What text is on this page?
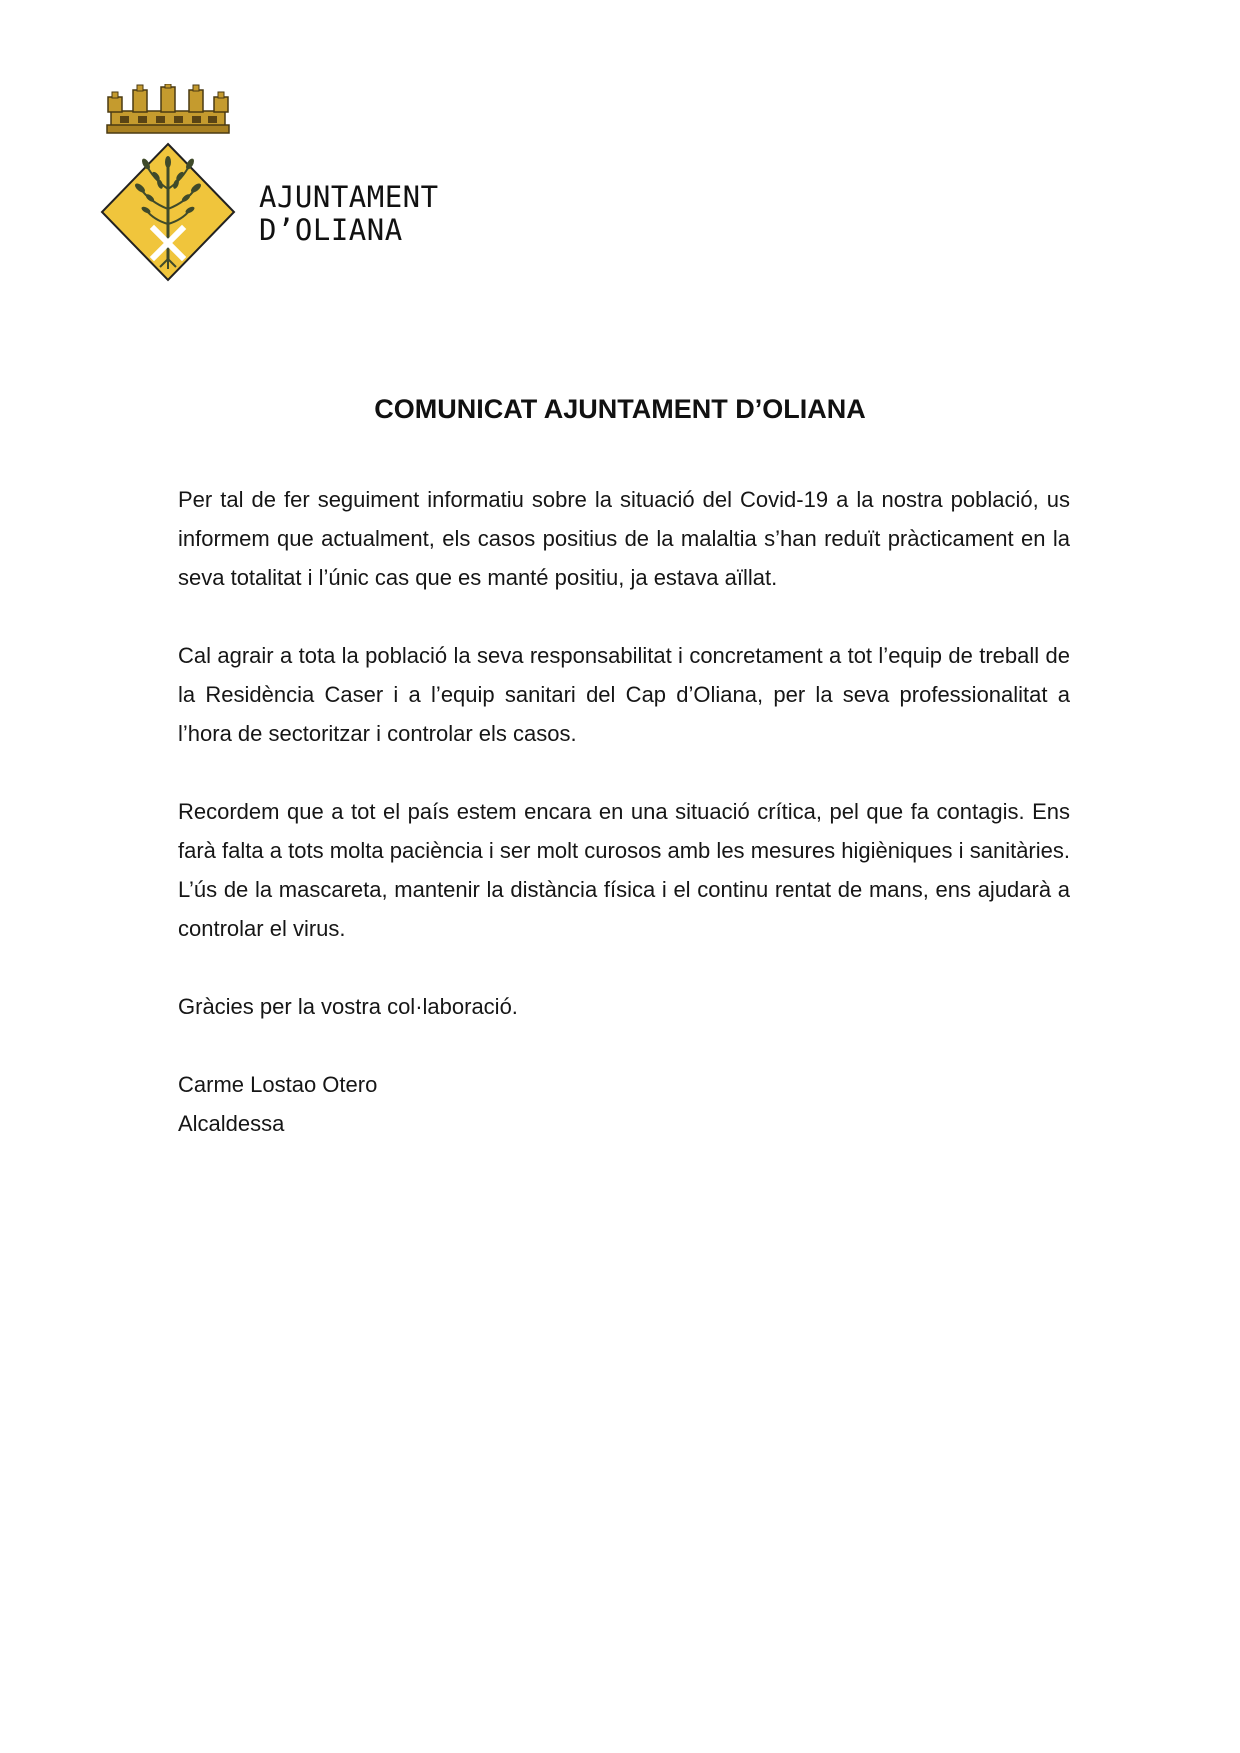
AJUNTAMENT
D’OLIANA
COMUNICAT AJUNTAMENT D’OLIANA

Per tal de fer seguiment informatiu sobre la situació del Covid-19 a la nostra població, us informem que actualment, els casos positius de la malaltia s’han reduït pràcticament en la seva totalitat i l’únic cas que es manté positiu, ja estava aïllat.

Cal agrair a tota la població la seva responsabilitat i concretament a tot l’equip de treball de la Residència Caser i a l’equip sanitari del Cap d’Oliana, per la seva professionalitat a l’hora de sectoritzar i controlar els casos.

Recordem que a tot el país estem encara en una situació crítica, pel que fa contagis. Ens farà falta a tots molta paciència i ser molt curosos amb les mesures higièniques i sanitàries. L’ús de la mascareta, mantenir la distància física i el continu rentat de mans, ens ajudarà a controlar el virus.

Gràcies per la vostra col·laboració.

Carme Lostao Otero
Alcaldessa
